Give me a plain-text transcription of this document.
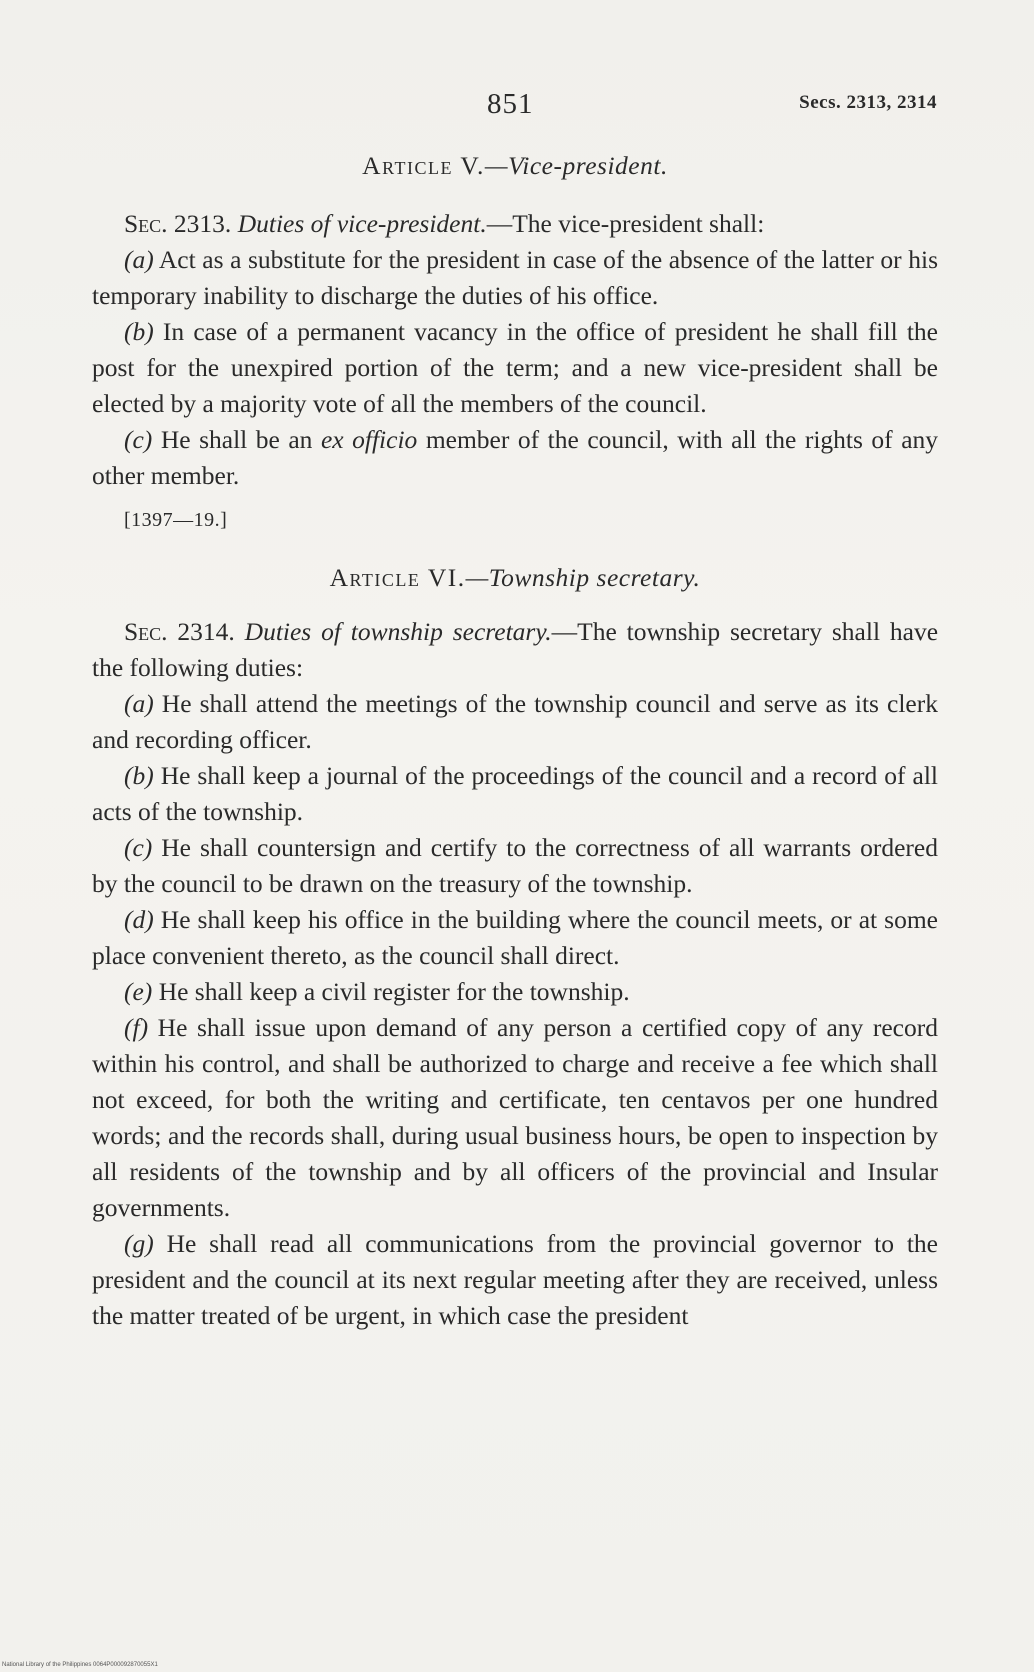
851	Secs. 2313, 2314
Article V.—Vice-president.

Sec. 2313. Duties of vice-president.—The vice-president shall:

(a) Act as a substitute for the president in case of the absence of the latter or his temporary inability to discharge the duties of his office.

(b) In case of a permanent vacancy in the office of president he shall fill the post for the unexpired portion of the term; and a new vice-president shall be elected by a majority vote of all the members of the council.

(c) He shall be an ex officio member of the council, with all the rights of any other member.

[1397—19.]
Article VI.—Township secretary.

Sec. 2314. Duties of township secretary.—The township secretary shall have the following duties:

(a) He shall attend the meetings of the township council and serve as its clerk and recording officer.

(b) He shall keep a journal of the proceedings of the council and a record of all acts of the township.

(c) He shall countersign and certify to the correctness of all warrants ordered by the council to be drawn on the treasury of the township.

(d) He shall keep his office in the building where the council meets, or at some place convenient thereto, as the council shall direct.

(e) He shall keep a civil register for the township.

(f) He shall issue upon demand of any person a certified copy of any record within his control, and shall be authorized to charge and receive a fee which shall not exceed, for both the writing and certificate, ten centavos per one hundred words; and the records shall, during usual business hours, be open to inspection by all residents of the township and by all officers of the provincial and Insular governments.

(g) He shall read all communications from the provincial governor to the president and the council at its next regular meeting after they are received, unless the matter treated of be urgent, in which case the president

National Library of the Philippines 0064P000092870055X1
